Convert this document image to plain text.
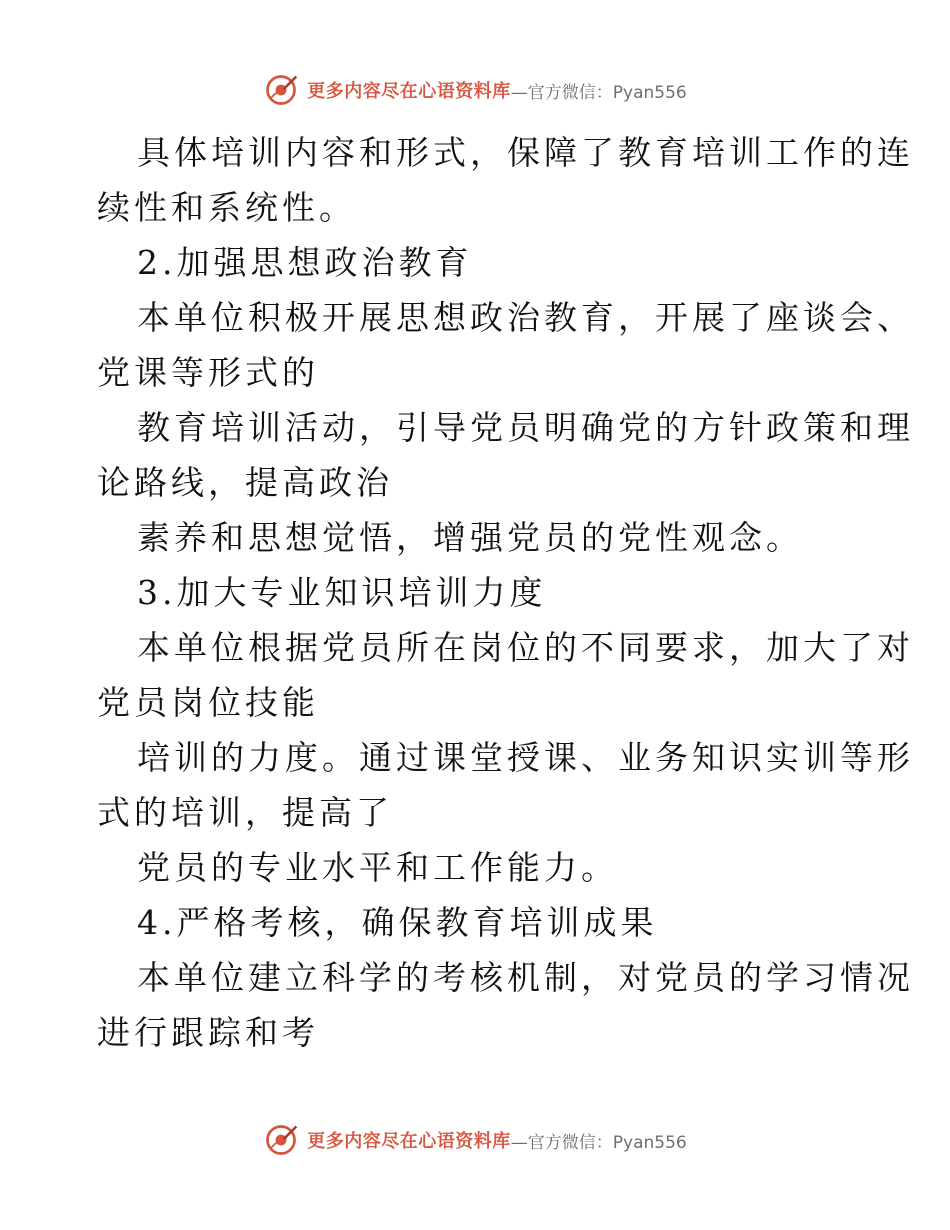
更多内容尽在心语资料库 —官方微信：Pyan556
具体培训内容和形式，保障了教育培训工作的连
续性和系统性。
2.加强思想政治教育
本单位积极开展思想政治教育，开展了座谈会、
党课等形式的
教育培训活动，引导党员明确党的方针政策和理
论路线，提高政治
素养和思想觉悟，增强党员的党性观念。
3.加大专业知识培训力度
本单位根据党员所在岗位的不同要求，加大了对
党员岗位技能
培训的力度。通过课堂授课、业务知识实训等形
式的培训，提高了
党员的专业水平和工作能力。
4.严格考核，确保教育培训成果
本单位建立科学的考核机制，对党员的学习情况
进行跟踪和考
更多内容尽在心语资料库 —官方微信：Pyan556
